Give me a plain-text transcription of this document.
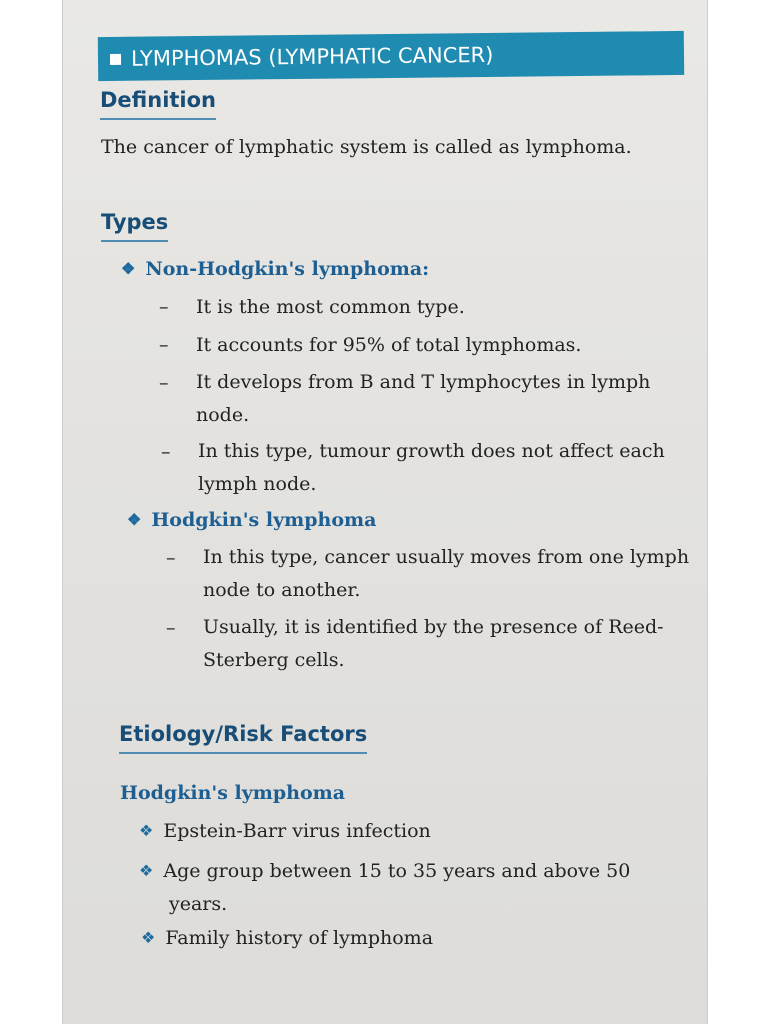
LYMPHOMAS (LYMPHATIC CANCER)
Definition
The cancer of lymphatic system is called as lymphoma.
Types
❖ Non-Hodgkin's lymphoma:
– It is the most common type.
– It accounts for 95% of total lymphomas.
– It develops from B and T lymphocytes in lymph node.
– In this type, tumour growth does not affect each lymph node.
❖ Hodgkin's lymphoma
– In this type, cancer usually moves from one lymph node to another.
– Usually, it is identified by the presence of Reed-Sterberg cells.
Etiology/Risk Factors
Hodgkin's lymphoma
❖ Epstein-Barr virus infection
❖ Age group between 15 to 35 years and above 50 years.
❖ Family history of lymphoma
